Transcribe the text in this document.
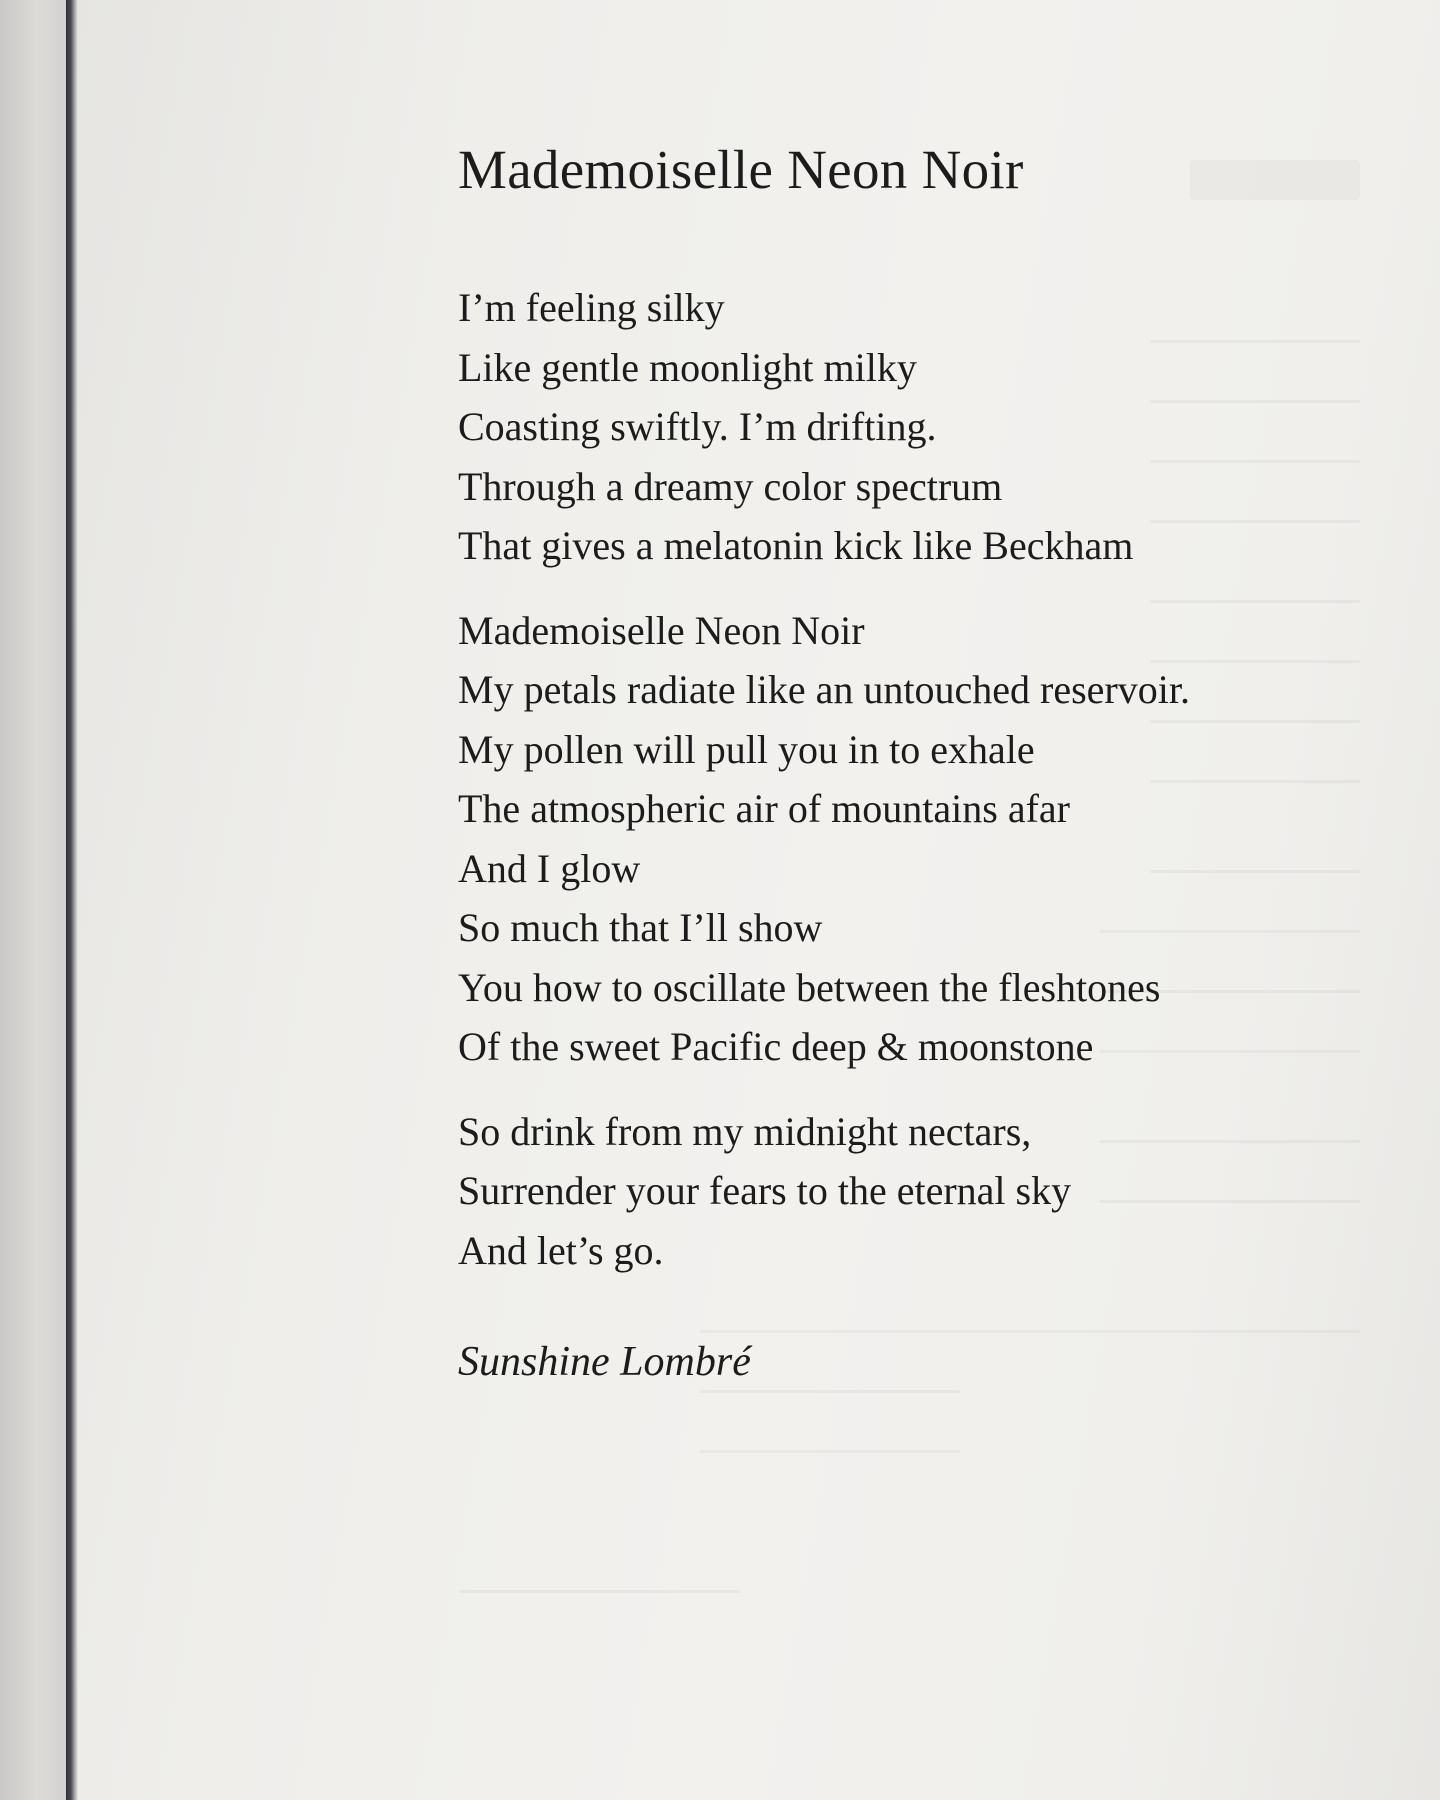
Mademoiselle Neon Noir

I’m feeling silky
Like gentle moonlight milky
Coasting swiftly. I’m drifting.
Through a dreamy color spectrum
That gives a melatonin kick like Beckham

Mademoiselle Neon Noir
My petals radiate like an untouched reservoir.
My pollen will pull you in to exhale
The atmospheric air of mountains afar
And I glow
So much that I’ll show
You how to oscillate between the fleshtones
Of the sweet Pacific deep & moonstone

So drink from my midnight nectars,
Surrender your fears to the eternal sky
And let’s go.

Sunshine Lombré
